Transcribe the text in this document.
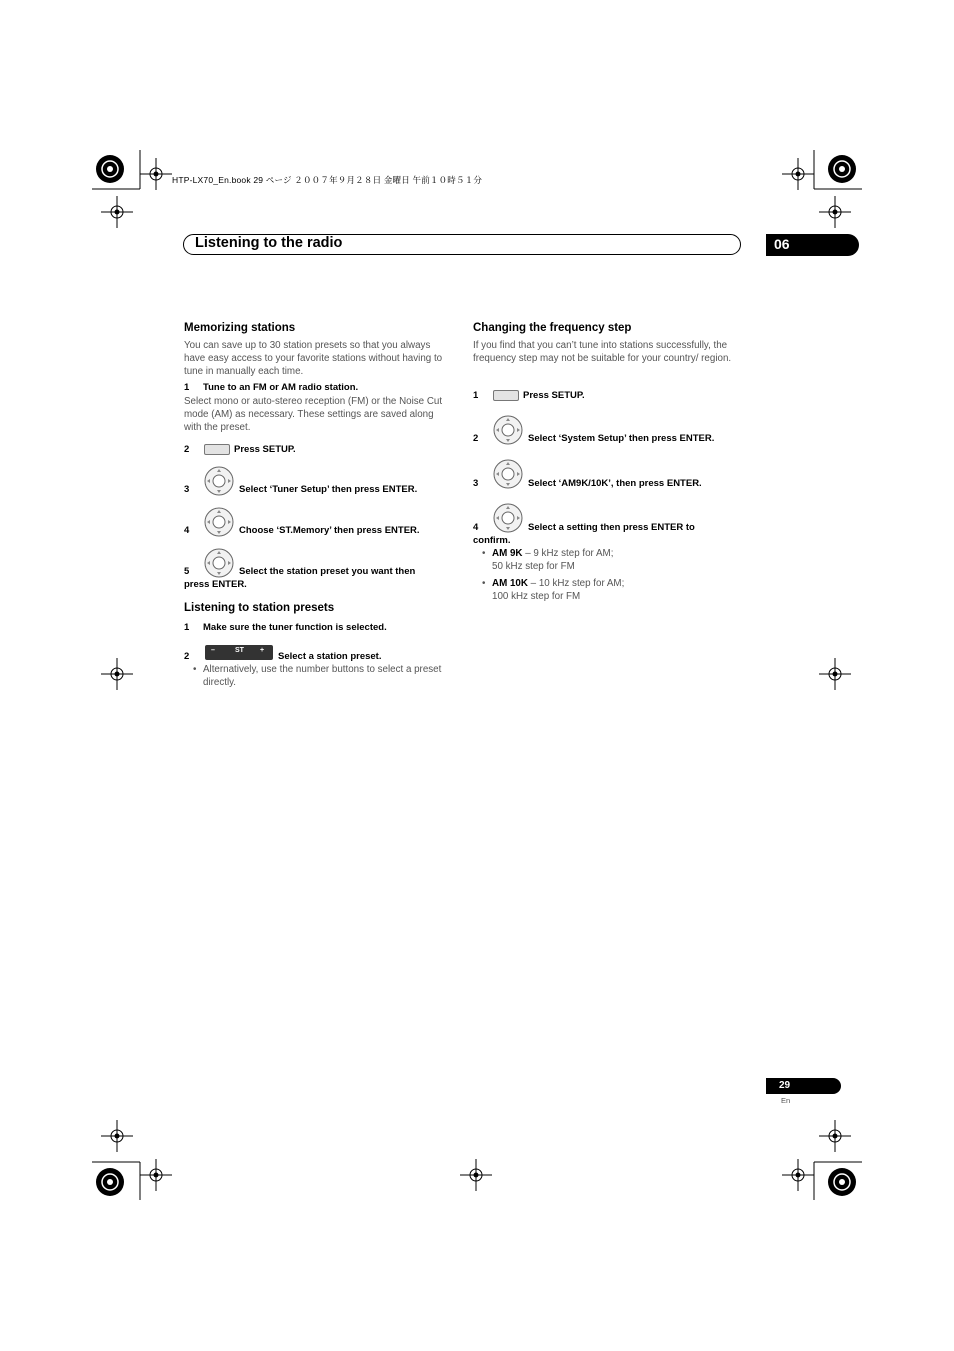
HTP-LX70_En.book 29 ページ ２００７年９月２８日 金曜日 午前１０時５１分
Listening to the radio	06
Memorizing stations
You can save up to 30 station presets so that you always have easy access to your favorite stations without having to tune in manually each time.
1 Tune to an FM or AM radio station.
Select mono or auto-stereo reception (FM) or the Noise Cut mode (AM) as necessary. These settings are saved along with the preset.
2	Press SETUP.
3	Select ‘Tuner Setup’ then press ENTER.
4	Choose ‘ST.Memory’ then press ENTER.
5	Select the station preset you want then
press ENTER.
Listening to station presets
1 Make sure the tuner function is selected.
2
–	ST +
Select a station preset.
• Alternatively, use the number buttons to select a preset directly.
Changing the frequency step
If you find that you can’t tune into stations successfully, the frequency step may not be suitable for your country/ region.
1	Press SETUP.
2	Select ‘System Setup’ then press ENTER.
3	Select ‘AM9K/10K’, then press ENTER.
4	Select a setting then press ENTER to
confirm.
• AM 9K – 9 kHz step for AM;
50 kHz step for FM
• AM 10K – 10 kHz step for AM;
100 kHz step for FM
29
En
